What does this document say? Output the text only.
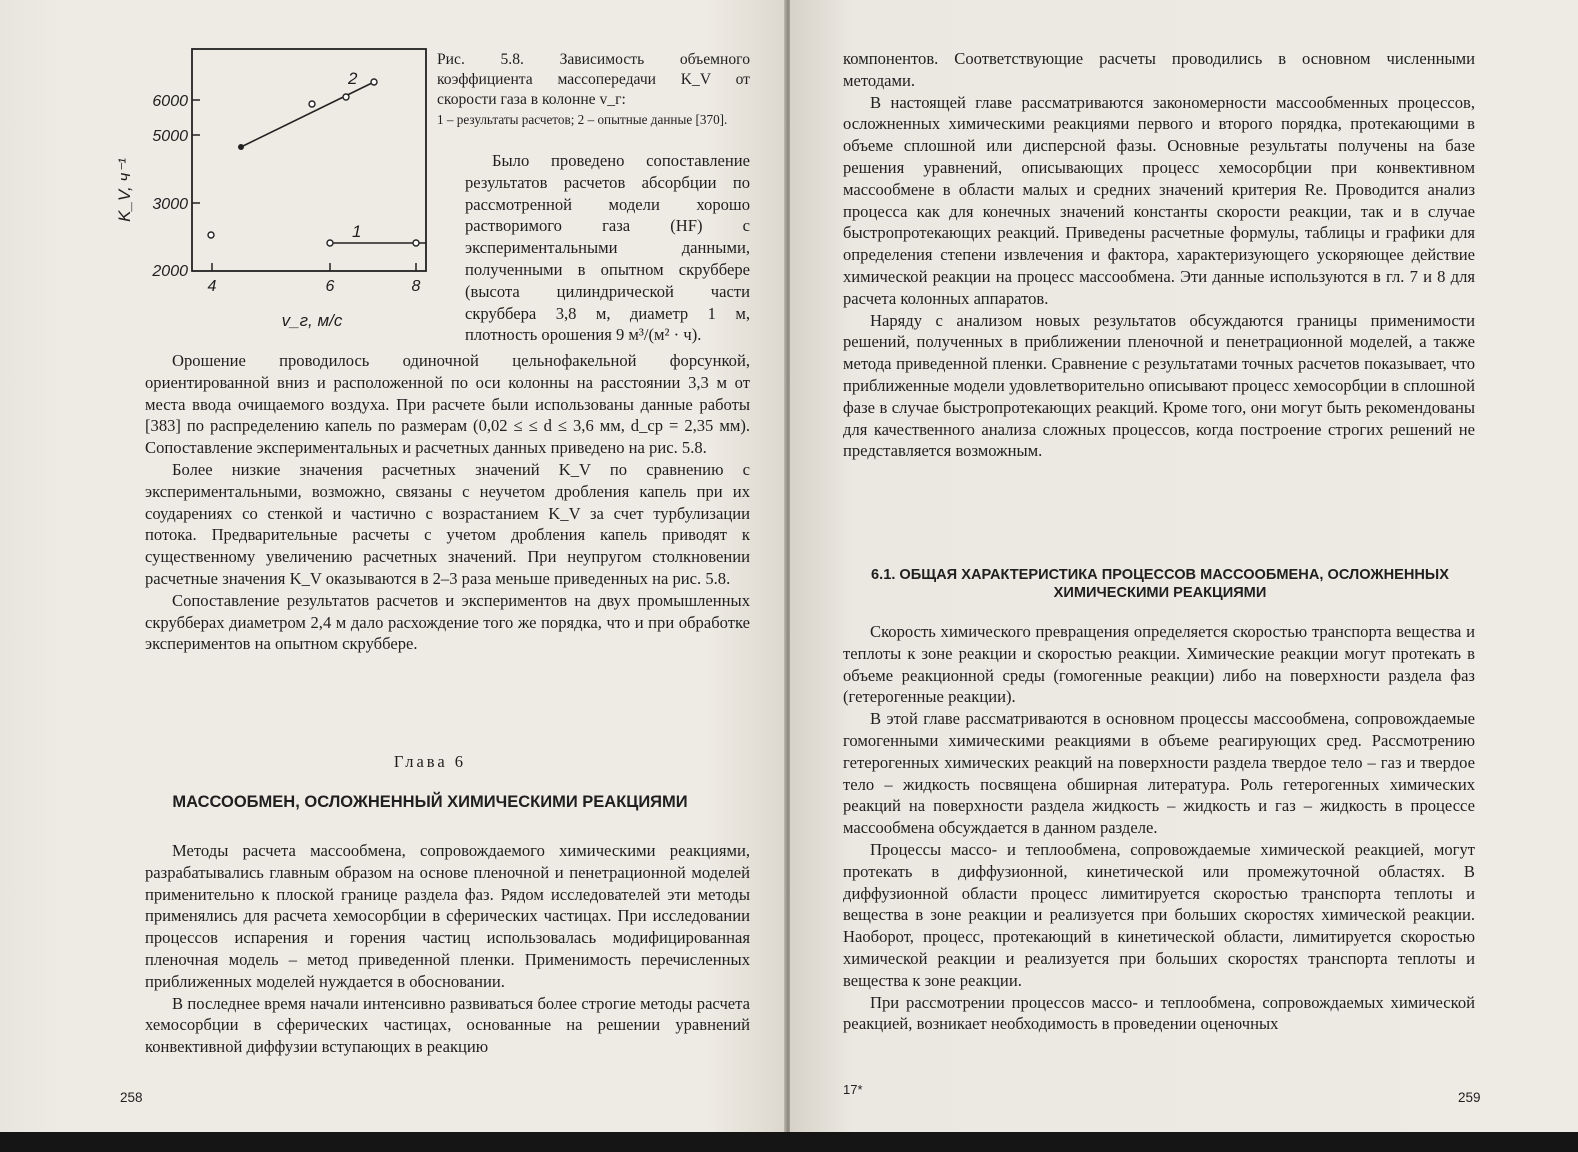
6000
5000
3000
2000
4	6	8
1
2
K_V, ч⁻¹
v_г, м/с
Рис. 5.8. Зависимость объемного коэффициента массопередачи K_V от скорости газа в колонне v_г:
1 – результаты расчетов; 2 – опытные данные [370].

Было проведено сопоставление результатов расчетов абсорбции по рассмотренной модели хорошо растворимого газа (HF) с экспериментальными данными, полученными в опытном скруббере (высота цилиндрической части скруббера 3,8 м, диаметр 1 м, плотность орошения 9 м³/(м² · ч).

Орошение проводилось одиночной цельнофакельной форсункой, ориентированной вниз и расположенной по оси колонны на расстоянии 3,3 м от места ввода очищаемого воздуха. При расчете были использованы данные работы [383] по распределению капель по размерам (0,02 ≤ ≤ d ≤ 3,6 мм, d_ср = 2,35 мм). Сопоставление экспериментальных и расчетных данных приведено на рис. 5.8.

Более низкие значения расчетных значений K_V по сравнению с экспериментальными, возможно, связаны с неучетом дробления капель при их соударениях со стенкой и частично с возрастанием K_V за счет турбулизации потока. Предварительные расчеты с учетом дробления капель приводят к существенному увеличению расчетных значений. При неупругом столкновении расчетные значения K_V оказываются в 2–3 раза меньше приведенных на рис. 5.8.

Сопоставление результатов расчетов и экспериментов на двух промышленных скрубберах диаметром 2,4 м дало расхождение того же порядка, что и при обработке экспериментов на опытном скруббере.

Глава 6
МАССООБМЕН, ОСЛОЖНЕННЫЙ ХИМИЧЕСКИМИ РЕАКЦИЯМИ

Методы расчета массообмена, сопровождаемого химическими реакциями, разрабатывались главным образом на основе пленочной и пенетрационной моделей применительно к плоской границе раздела фаз. Рядом исследователей эти методы применялись для расчета хемосорбции в сферических частицах. При исследовании процессов испарения и горения частиц использовалась модифицированная пленочная модель – метод приведенной пленки. Применимость перечисленных приближенных моделей нуждается в обосновании.

В последнее время начали интенсивно развиваться более строгие методы расчета хемосорбции в сферических частицах, основанные на решении уравнений конвективной диффузии вступающих в реакцию

258

компонентов. Соответствующие расчеты проводились в основном численными методами.

В настоящей главе рассматриваются закономерности массообменных процессов, осложненных химическими реакциями первого и второго порядка, протекающими в объеме сплошной или дисперсной фазы. Основные результаты получены на базе решения уравнений, описывающих процесс хемосорбции при конвективном массообмене в области малых и средних значений критерия Re. Проводится анализ процесса как для конечных значений константы скорости реакции, так и в случае быстропротекающих реакций. Приведены расчетные формулы, таблицы и графики для определения степени извлечения и фактора, характеризующего ускоряющее действие химической реакции на процесс массообмена. Эти данные используются в гл. 7 и 8 для расчета колонных аппаратов.

Наряду с анализом новых результатов обсуждаются границы применимости решений, полученных в приближении пленочной и пенетрационной моделей, а также метода приведенной пленки. Сравнение с результатами точных расчетов показывает, что приближенные модели удовлетворительно описывают процесс хемосорбции в сплошной фазе в случае быстропротекающих реакций. Кроме того, они могут быть рекомендованы для качественного анализа сложных процессов, когда построение строгих решений не представляется возможным.

6.1. ОБЩАЯ ХАРАКТЕРИСТИКА ПРОЦЕССОВ МАССООБМЕНА, ОСЛОЖНЕННЫХ ХИМИЧЕСКИМИ РЕАКЦИЯМИ

Скорость химического превращения определяется скоростью транспорта вещества и теплоты к зоне реакции и скоростью реакции. Химические реакции могут протекать в объеме реакционной среды (гомогенные реакции) либо на поверхности раздела фаз (гетерогенные реакции).

В этой главе рассматриваются в основном процессы массообмена, сопровождаемые гомогенными химическими реакциями в объеме реагирующих сред. Рассмотрению гетерогенных химических реакций на поверхности раздела твердое тело – газ и твердое тело – жидкость посвящена обширная литература. Роль гетерогенных химических реакций на поверхности раздела жидкость – жидкость и газ – жидкость в процессе массообмена обсуждается в данном разделе.

Процессы массо- и теплообмена, сопровождаемые химической реакцией, могут протекать в диффузионной, кинетической или промежуточной областях. В диффузионной области процесс лимитируется скоростью транспорта теплоты и вещества в зоне реакции и реализуется при больших скоростях химической реакции. Наоборот, процесс, протекающий в кинетической области, лимитируется скоростью химической реакции и реализуется при больших скоростях транспорта теплоты и вещества к зоне реакции.

При рассмотрении процессов массо- и теплообмена, сопровождаемых химической реакцией, возникает необходимость в проведении оценочных

17*
259
